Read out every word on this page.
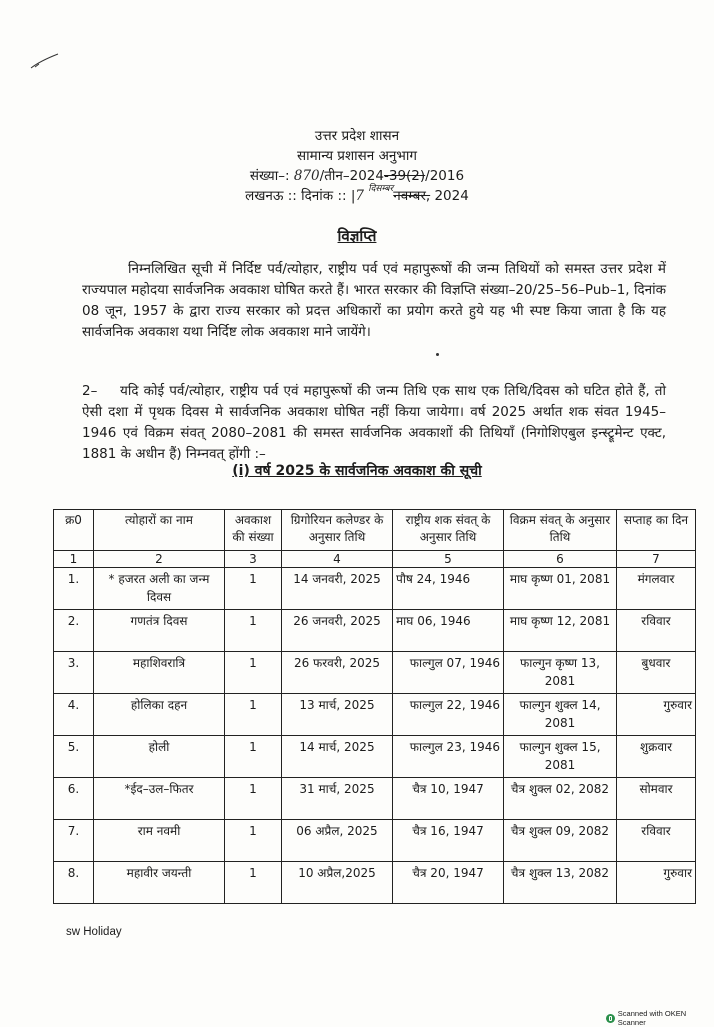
उत्तर प्रदेश शासन
सामान्य प्रशासन अनुभाग
संख्या–: 870/तीन–2024-39(2)/2016
लखनऊ :: दिनांक :: |7 $^{दिसम्बर}$नवम्बर, 2024
विज्ञप्ति
निम्नलिखित सूची में निर्दिष्ट पर्व/त्योहार, राष्ट्रीय पर्व एवं महापुरूषों की जन्म तिथियों को समस्त उत्तर प्रदेश में राज्यपाल महोदया सार्वजनिक अवकाश घोषित करते हैं। भारत सरकार की विज्ञप्ति संख्या–20/25–56–Pub–1, दिनांक 08 जून, 1957 के द्वारा राज्य सरकार को प्रदत्त अधिकारों का प्रयोग करते हुये यह भी स्पष्ट किया जाता है कि यह सार्वजनिक अवकाश यथा निर्दिष्ट लोक अवकाश माने जायेंगे।
2– यदि कोई पर्व/त्योहार, राष्ट्रीय पर्व एवं महापुरूषों की जन्म तिथि एक साथ एक तिथि/दिवस को घटित होते हैं, तो ऐसी दशा में पृथक दिवस मे सार्वजनिक अवकाश घोषित नहीं किया जायेगा। वर्ष 2025 अर्थात शक संवत 1945–1946 एवं विक्रम संवत् 2080–2081 की समस्त सार्वजनिक अवकाशों की तिथियाँ (निगोशिएबुल इन्स्ट्रूमेन्ट एक्ट, 1881 के अधीन हैं) निम्नवत् होंगी :–
(i) वर्ष 2025 के सार्वजनिक अवकाश की सूची
क्र0	त्योहारों का नाम	अवकाश की संख्या	ग्रिगोरियन कलेण्डर के अनुसार तिथि	राष्ट्रीय शक संवत् के अनुसार तिथि	विक्रम संवत् के अनुसार तिथि	सप्ताह का दिन
1	2	3	4	5	6	7
1.	* हजरत अली का जन्म दिवस	1	14 जनवरी, 2025	पौष 24, 1946	माघ कृष्ण 01, 2081	मंगलवार
2.	गणतंत्र दिवस	1	26 जनवरी, 2025	माघ 06, 1946	माघ कृष्ण 12, 2081	रविवार
3.	महाशिवरात्रि	1	26 फरवरी, 2025	फाल्गुल 07, 1946	फाल्गुन कृष्ण 13, 2081	बुधवार
4.	होलिका दहन	1	13 मार्च, 2025	फाल्गुल 22, 1946	फाल्गुन शुक्ल 14, 2081	गुरुवार
5.	होली	1	14 मार्च, 2025	फाल्गुल 23, 1946	फाल्गुन शुक्ल 15, 2081	शुक्रवार
6.	*ईद–उल–फितर	1	31 मार्च, 2025	चैत्र 10, 1947	चैत्र शुक्ल 02, 2082	सोमवार
7.	राम नवमी	1	06 अप्रैल, 2025	चैत्र 16, 1947	चैत्र शुक्ल 09, 2082	रविवार
8.	महावीर जयन्ती	1	10 अप्रैल,2025	चैत्र 20, 1947	चैत्र शुक्ल 13, 2082	गुरुवार
sw Holiday
Scanned with OKEN Scanner
